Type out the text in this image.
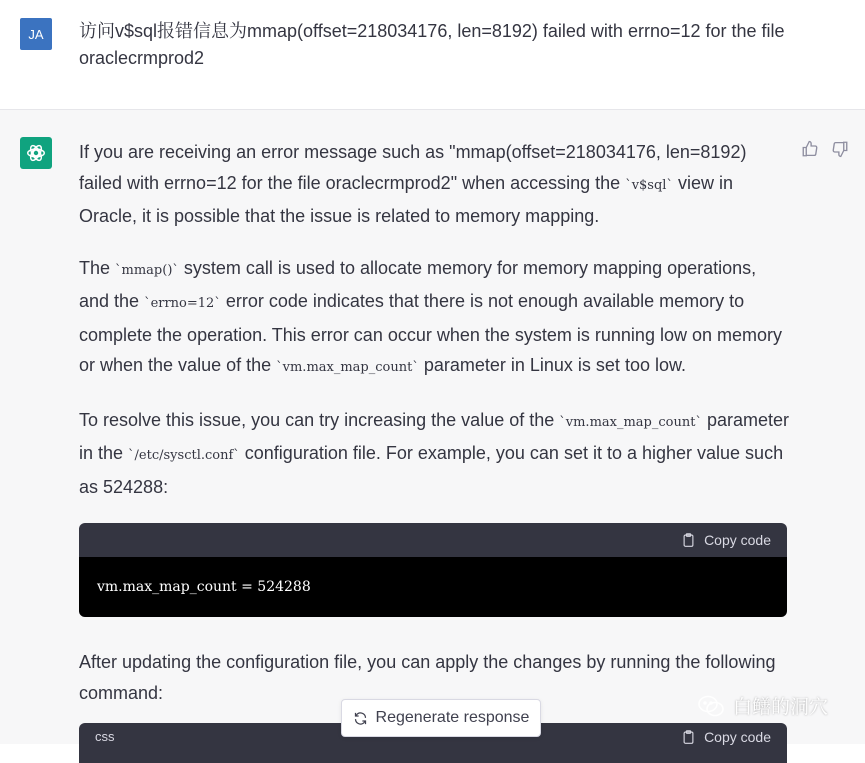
JA	访问v$sql报错信息为mmap(offset=218034176, len=8192) failed with errno=12 for the file oraclecrmprod2

If you are receiving an error message such as "mmap(offset=218034176, len=8192) failed with errno=12 for the file oraclecrmprod2" when accessing the `v$sql` view in Oracle, it is possible that the issue is related to memory mapping.

The `mmap()` system call is used to allocate memory for memory mapping operations, and the `errno=12` error code indicates that there is not enough available memory to complete the operation. This error can occur when the system is running low on memory or when the value of the `vm.max_map_count` parameter in Linux is set too low.

To resolve this issue, you can try increasing the value of the `vm.max_map_count` parameter in the `/etc/sysctl.conf` configuration file. For example, you can set it to a higher value such as 524288:

Copy code
vm.max_map_count = 524288

After updating the configuration file, you can apply the changes by running the following command:

css	Copy code
Regenerate response	白鳝的洞穴
